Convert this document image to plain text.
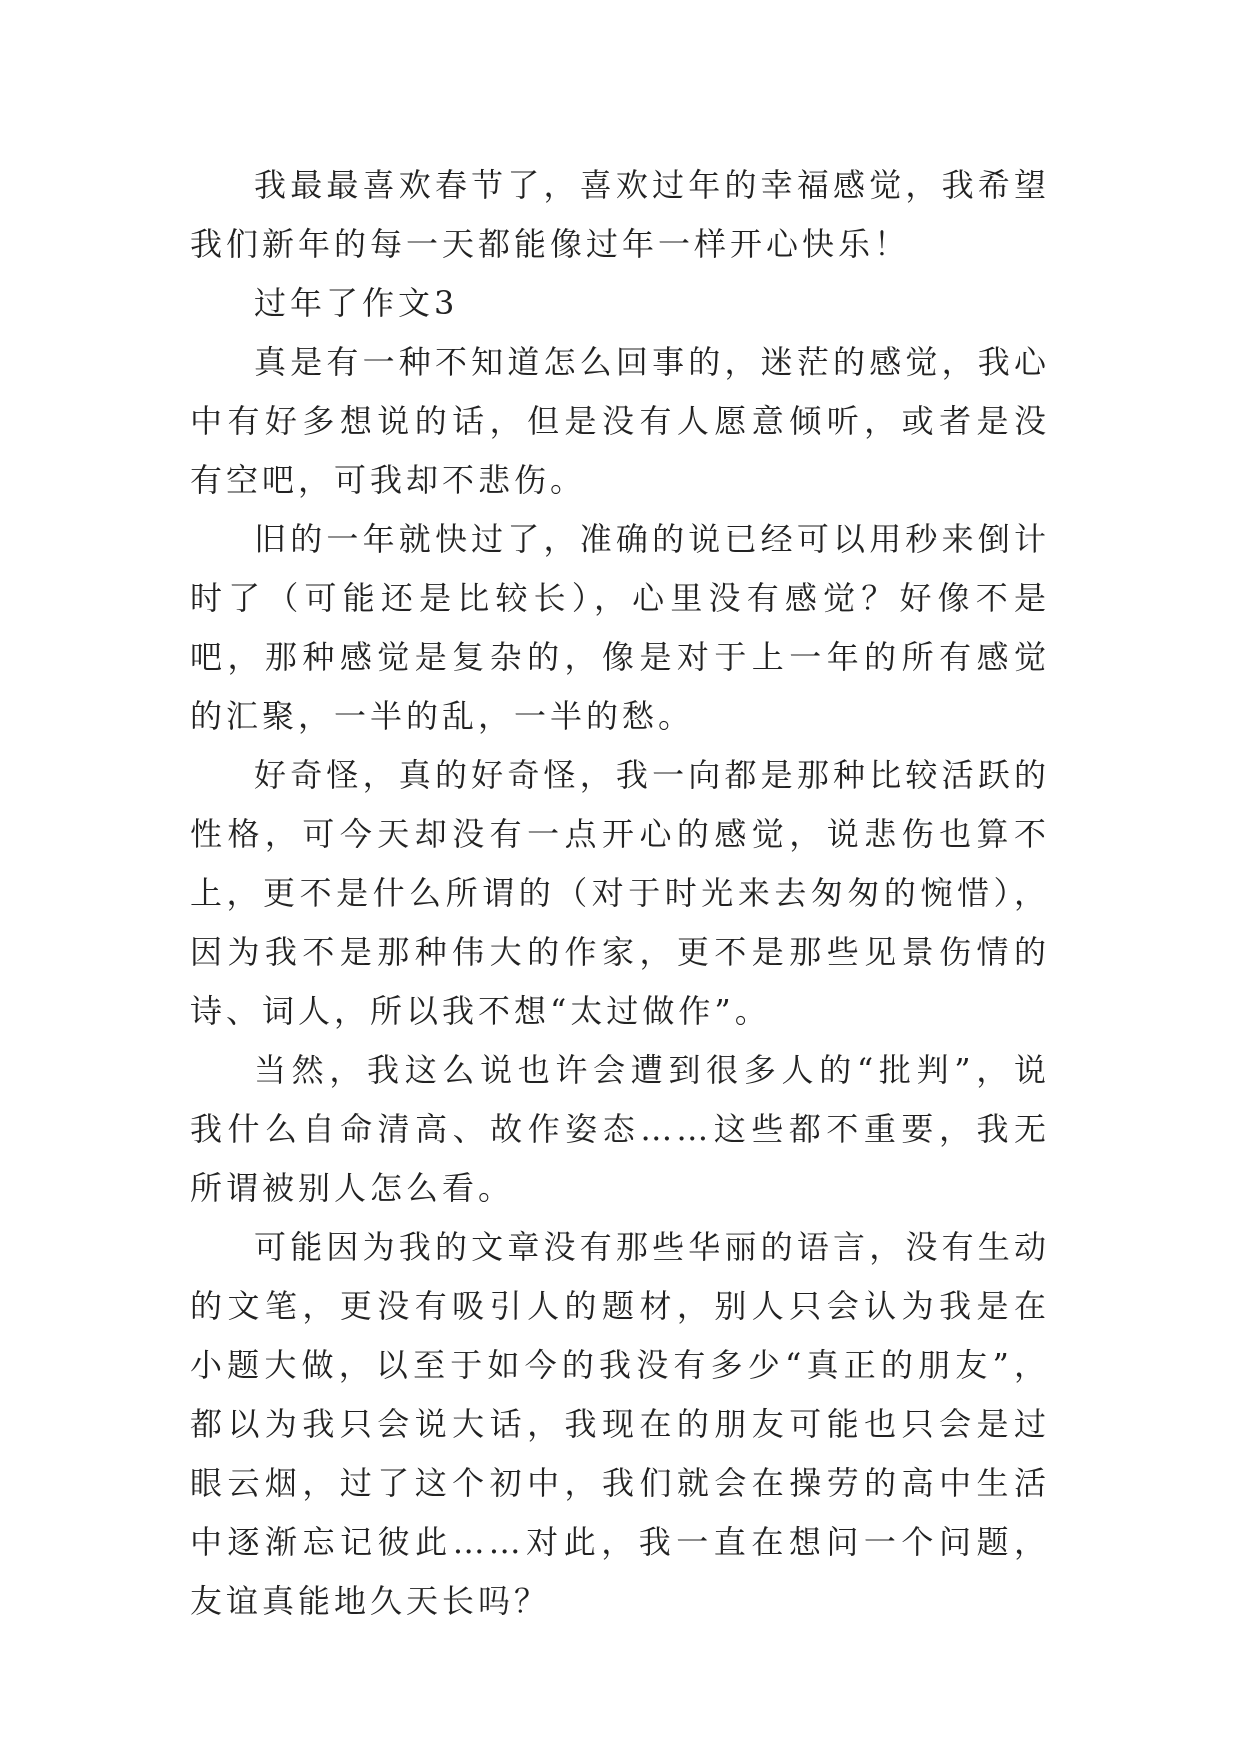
我最最喜欢春节了，喜欢过年的幸福感觉，我希望我们新年的每一天都能像过年一样开心快乐！

过年了作文3

真是有一种不知道怎么回事的，迷茫的感觉，我心中有好多想说的话，但是没有人愿意倾听，或者是没有空吧，可我却不悲伤。

旧的一年就快过了，准确的说已经可以用秒来倒计时了（可能还是比较长），心里没有感觉？好像不是吧，那种感觉是复杂的，像是对于上一年的所有感觉的汇聚，一半的乱，一半的愁。

好奇怪，真的好奇怪，我一向都是那种比较活跃的性格，可今天却没有一点开心的感觉，说悲伤也算不上，更不是什么所谓的（对于时光来去匆匆的惋惜），因为我不是那种伟大的作家，更不是那些见景伤情的诗、词人，所以我不想“太过做作”。

当然，我这么说也许会遭到很多人的“批判”，说我什么自命清高、故作姿态……这些都不重要，我无所谓被别人怎么看。

可能因为我的文章没有那些华丽的语言，没有生动的文笔，更没有吸引人的题材，别人只会认为我是在小题大做，以至于如今的我没有多少“真正的朋友”，都以为我只会说大话，我现在的朋友可能也只会是过眼云烟，过了这个初中，我们就会在操劳的高中生活中逐渐忘记彼此……对此，我一直在想问一个问题，友谊真能地久天长吗？
